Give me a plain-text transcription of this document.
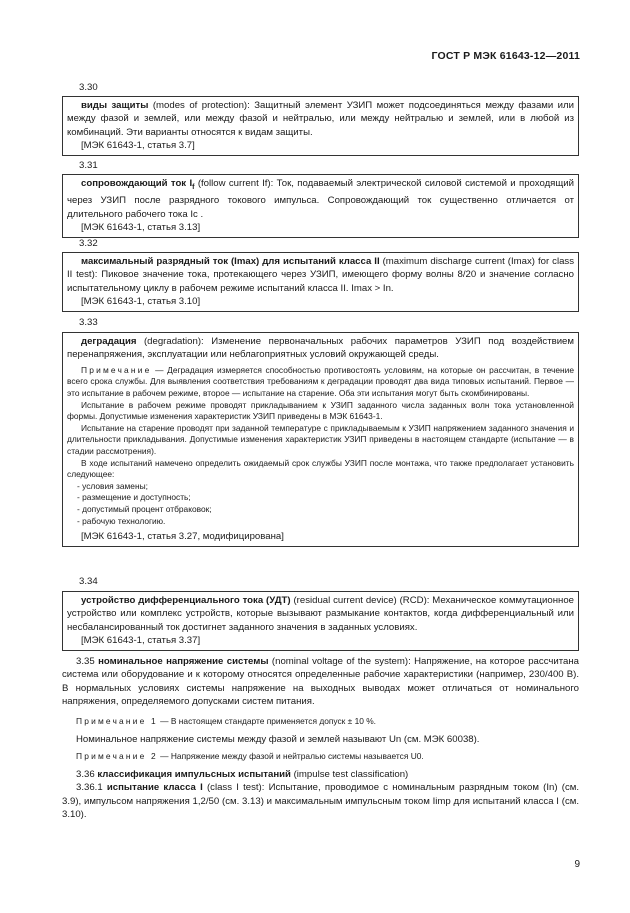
ГОСТ Р МЭК 61643-12—2011
3.30

виды защиты (modes of protection): Защитный элемент УЗИП может подсоединяться между фазами или между фазой и землей, или между фазой и нейтралью, или между нейтралью и землей, или в любой из комбинаций. Эти варианты относятся к видам защиты.

[МЭК 61643-1, статья 3.7]

3.31

сопровождающий ток $I_f$ (follow current If): Ток, подаваемый электрической силовой системой и проходящий через УЗИП после разрядного токового импульса. Сопровождающий ток существенно отличается от длительного рабочего тока Ic .

[МЭК 61643-1, статья 3.13]

3.32

максимальный разрядный ток (Imax) для испытаний класса II (maximum discharge current (Imax) for class II test): Пиковое значение тока, протекающего через УЗИП, имеющего форму волны 8/20 и значение согласно испытательному циклу в рабочем режиме испытаний класса II. Imax > In.

[МЭК 61643-1, статья 3.10]

3.33

деградация (degradation): Изменение первоначальных рабочих параметров УЗИП под воздействием перенапряжения, эксплуатации или неблагоприятных условий окружающей среды.

Примечание — Деградация измеряется способностью противостоять условиям, на которые он рассчитан, в течение всего срока службы. Для выявления соответствия требованиям к деградации проводят два вида типовых испытаний. Первое — это испытание в рабочем режиме, второе — испытание на старение. Оба эти испытания могут быть скомбинированы.

Испытание в рабочем режиме проводят прикладыванием к УЗИП заданного числа заданных волн тока установленной формы. Допустимые изменения характеристик УЗИП приведены в МЭК 61643-1.

Испытание на старение проводят при заданной температуре с прикладываемым к УЗИП напряжением заданного значения и длительности прикладывания. Допустимые изменения характеристик УЗИП приведены в настоящем стандарте (испытание — в стадии рассмотрения).

В ходе испытаний намечено определить ожидаемый срок службы УЗИП после монтажа, что также предполагает установить следующее:

- условия замены;

- размещение и доступность;

- допустимый процент отбраковок;

- рабочую технологию.

[МЭК 61643-1, статья 3.27, модифицирована]

3.34

устройство дифференциального тока (УДТ) (residual current device) (RCD): Механическое коммутационное устройство или комплекс устройств, которые вызывают размыкание контактов, когда дифференциальный или несбалансированный ток достигнет заданного значения в заданных условиях.

[МЭК 61643-1, статья 3.37]

3.35 номинальное напряжение системы (nominal voltage of the system): Напряжение, на которое рассчитана система или оборудование и к которому относятся определенные рабочие характеристики (например, 230/400 В). В нормальных условиях системы напряжение на выходных выводах может отличаться от номинального напряжения, определяемого допусками систем питания.

Примечание 1 — В настоящем стандарте применяется допуск ± 10 %.

Номинальное напряжение системы между фазой и землей называют Un (см. МЭК 60038).

Примечание 2 — Напряжение между фазой и нейтралью системы называется U0.

3.36 классификация импульсных испытаний (impulse test classification)

3.36.1 испытание класса I (class I test): Испытание, проводимое с номинальным разрядным током (In) (см. 3.9), импульсом напряжения 1,2/50 (см. 3.13) и максимальным импульсным током Iimp для испытаний класса I (см. 3.10).

9
